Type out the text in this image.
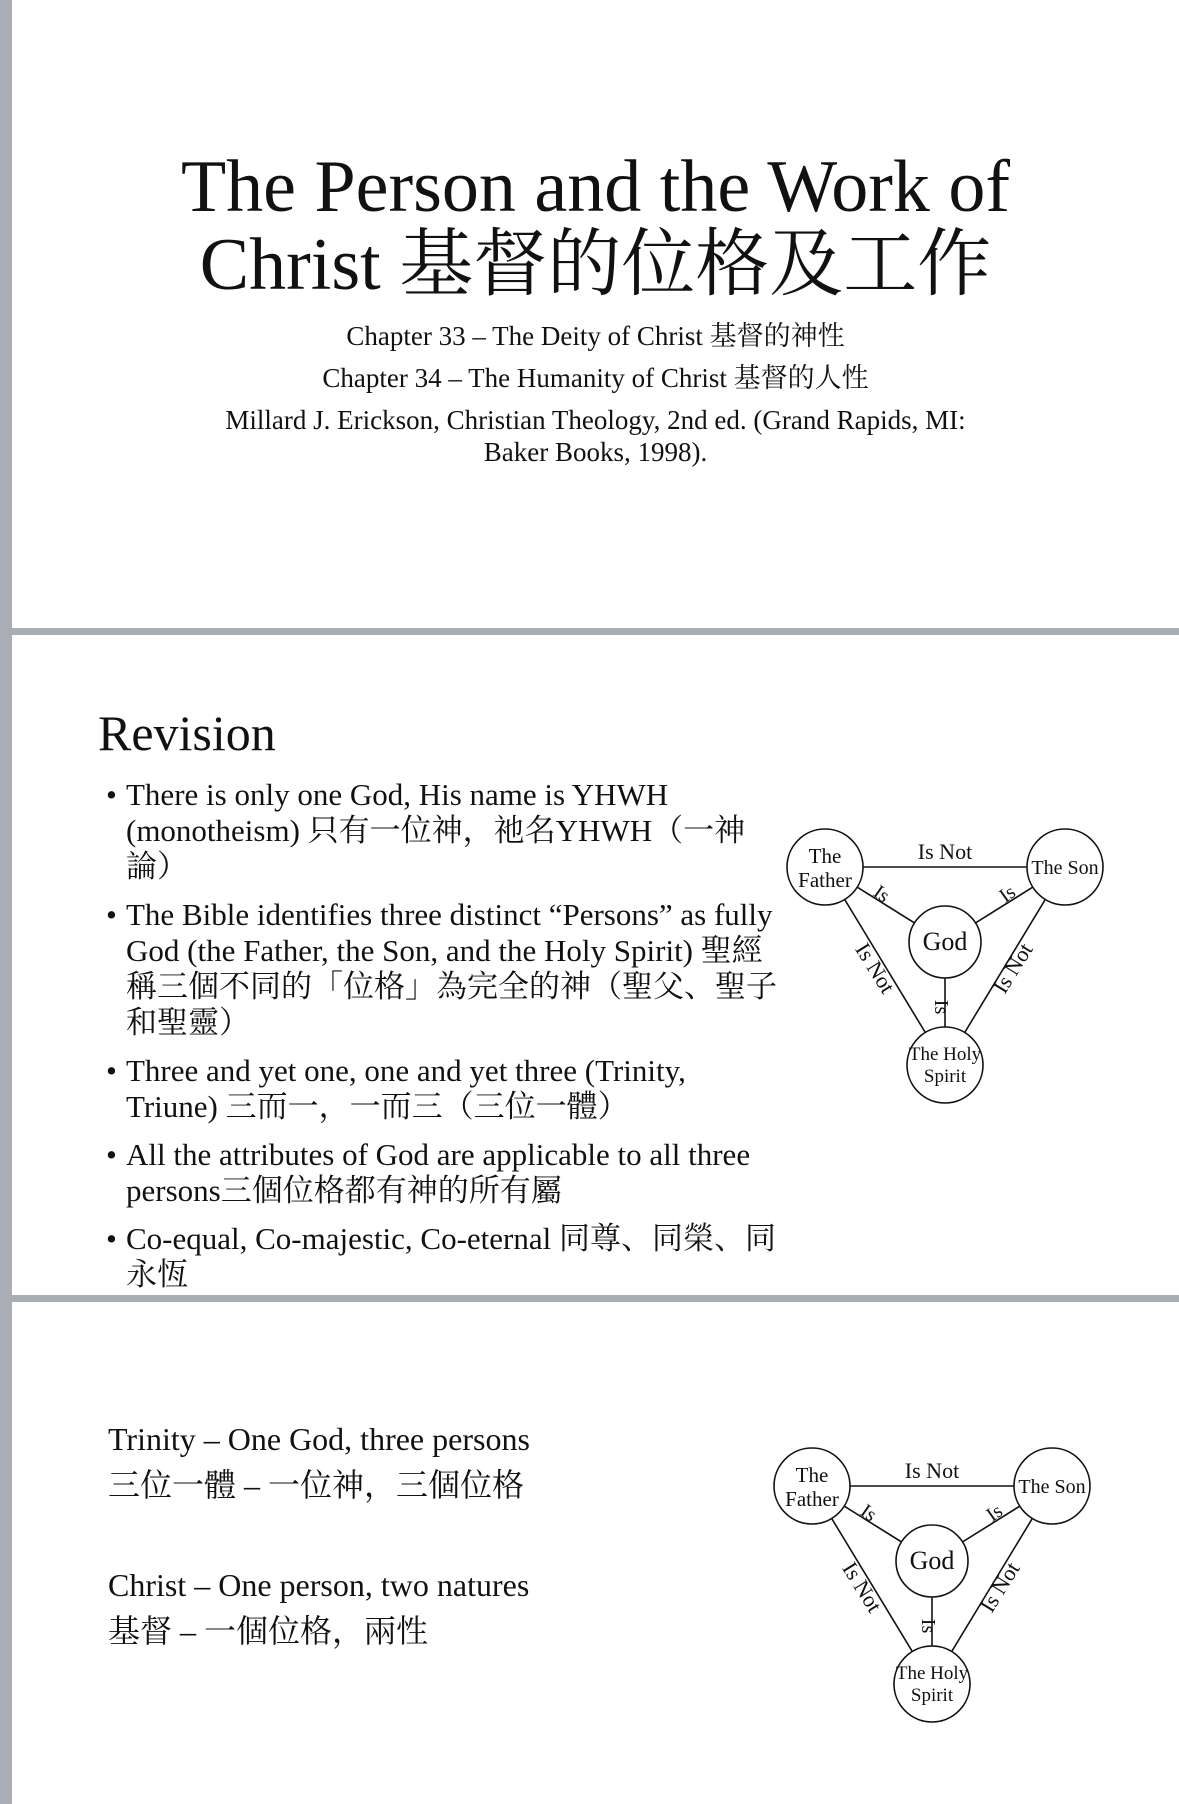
The Person and the Work of
Christ 基督的位格及工作
Chapter 33 – The Deity of Christ 基督的神性
Chapter 34 – The Humanity of Christ 基督的人性
Millard J. Erickson, Christian Theology, 2nd ed. (Grand Rapids, MI:
Baker Books, 1998).
Revision
• There is only one God, His name is YHWH (monotheism) 只有一位神，祂名YHWH（一神論）
• The Bible identifies three distinct “Persons” as fully God (the Father, the Son, and the Holy Spirit) 聖經稱三個不同的「位格」為完全的神（聖父、聖子和聖靈）
• Three and yet one, one and yet three (Trinity, Triune) 三而一，一而三（三位一體）
• All the attributes of God are applicable to all three persons三個位格都有神的所有屬
• Co-equal, Co-majestic, Co-eternal 同尊、同榮、同永恆
The
Father	The Son
The Holy
Spirit
God
Is Not
Is	Is
Is
Is Not	Is Not
Trinity – One God, three persons
三位一體 – 一位神，三個位格
Christ – One person, two natures
基督 – 一個位格，兩性
The
Father	The Son
The Holy
Spirit
God
Is Not
Is	Is
Is
Is Not	Is Not
